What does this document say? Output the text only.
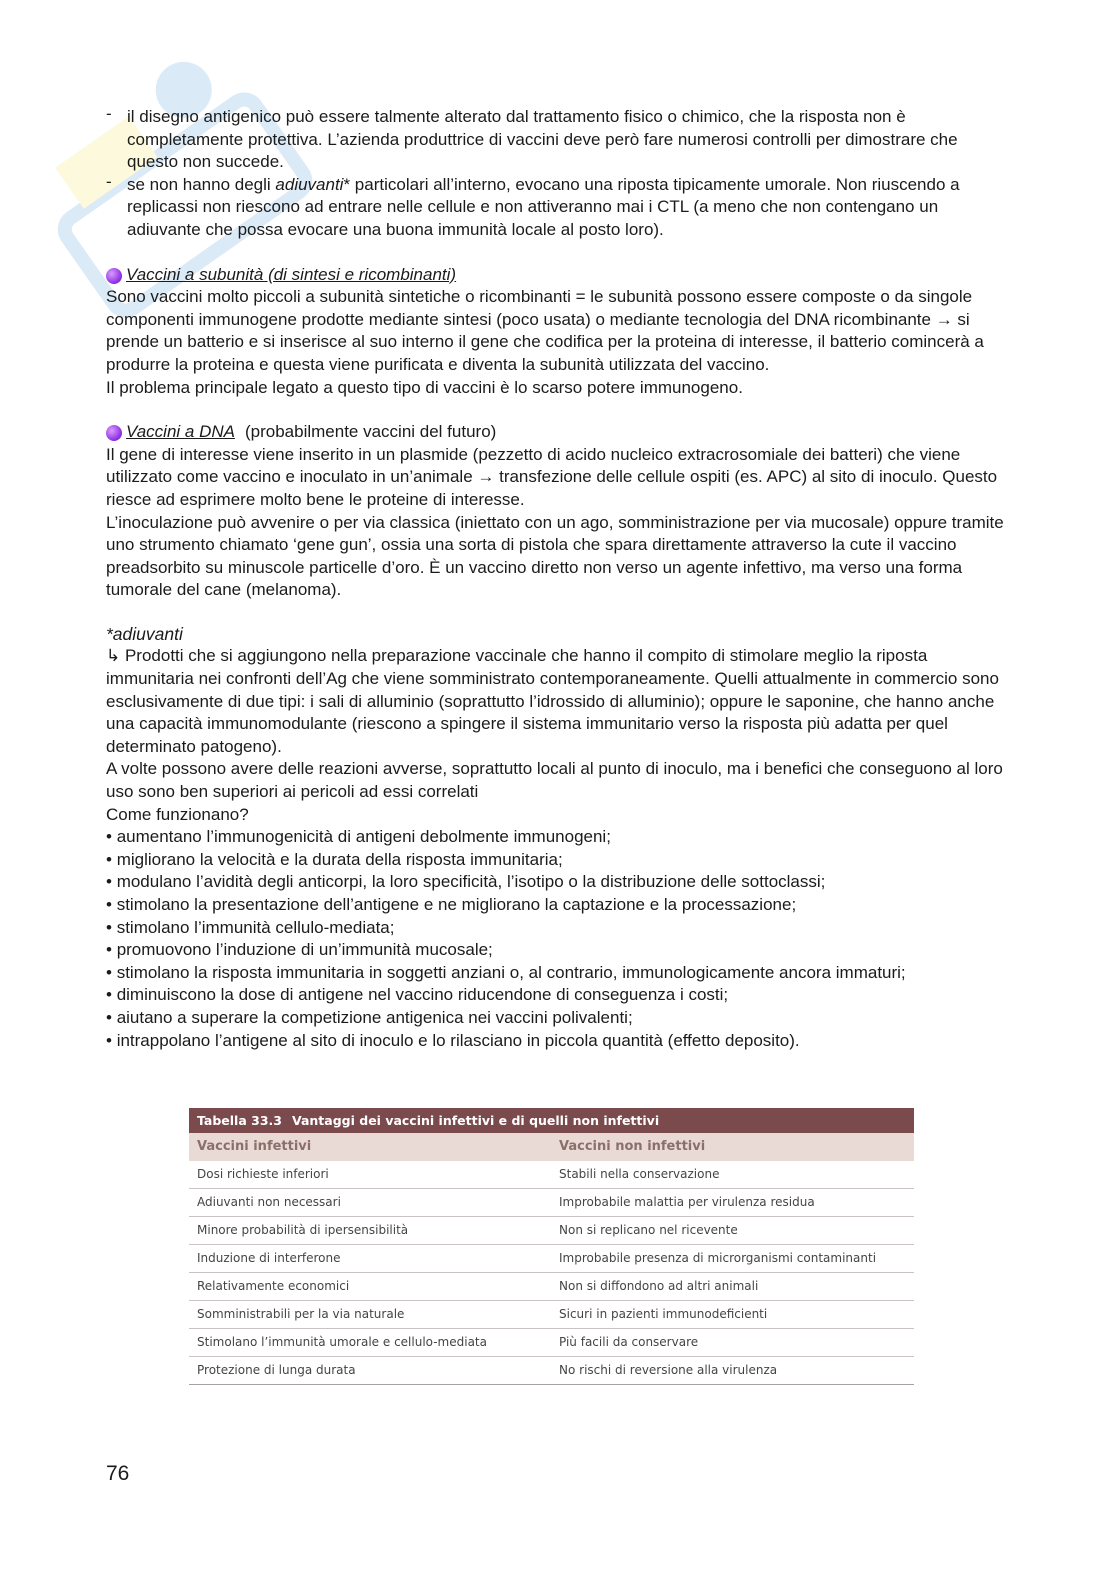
- il disegno antigenico può essere talmente alterato dal trattamento fisico o chimico, che la risposta non è completamente protettiva. L’azienda produttrice di vaccini deve però fare numerosi controlli per dimostrare che questo non succede.
- se non hanno degli adiuvanti* particolari all’interno, evocano una riposta tipicamente umorale. Non riuscendo a replicassi non riescono ad entrare nelle cellule e non attiveranno mai i CTL (a meno che non contengano un adiuvante che possa evocare una buona immunità locale al posto loro).
Vaccini a subunità (di sintesi e ricombinanti)

Sono vaccini molto piccoli a subunità sintetiche o ricombinanti = le subunità possono essere composte o da singole componenti immunogene prodotte mediante sintesi (poco usata) o mediante tecnologia del DNA ricombinante → si prende un batterio e si inserisce al suo interno il gene che codifica per la proteina di interesse, il batterio comincerà a produrre la proteina e questa viene purificata e diventa la subunità utilizzata del vaccino.

Il problema principale legato a questo tipo di vaccini è lo scarso potere immunogeno.

Vaccini a DNA (probabilmente vaccini del futuro)

Il gene di interesse viene inserito in un plasmide (pezzetto di acido nucleico extracrosomiale dei batteri) che viene utilizzato come vaccino e inoculato in un’animale → transfezione delle cellule ospiti (es. APC) al sito di inoculo. Questo riesce ad esprimere molto bene le proteine di interesse.

L’inoculazione può avvenire o per via classica (iniettato con un ago, somministrazione per via mucosale) oppure tramite uno strumento chiamato ‘gene gun’, ossia una sorta di pistola che spara direttamente attraverso la cute il vaccino preadsorbito su minuscole particelle d’oro. È un vaccino diretto non verso un agente infettivo, ma verso una forma tumorale del cane (melanoma).

*adiuvanti

↳ Prodotti che si aggiungono nella preparazione vaccinale che hanno il compito di stimolare meglio la riposta immunitaria nei confronti dell’Ag che viene somministrato contemporaneamente. Quelli attualmente in commercio sono esclusivamente di due tipi: i sali di alluminio (soprattutto l’idrossido di alluminio); oppure le saponine, che hanno anche una capacità immunomodulante (riescono a spingere il sistema immunitario verso la risposta più adatta per quel determinato patogeno).

A volte possono avere delle reazioni avverse, soprattutto locali al punto di inoculo, ma i benefici che conseguono al loro uso sono ben superiori ai pericoli ad essi correlati

Come funzionano?

• aumentano l’immunogenicità di antigeni debolmente immunogeni;
• migliorano la velocità e la durata della risposta immunitaria;
• modulano l’avidità degli anticorpi, la loro specificità, l’isotipo o la distribuzione delle sottoclassi;
• stimolano la presentazione dell’antigene e ne migliorano la captazione e la processazione;
• stimolano l’immunità cellulo-mediata;
• promuovono l’induzione di un’immunità mucosale;
• stimolano la risposta immunitaria in soggetti anziani o, al contrario, immunologicamente ancora immaturi;
• diminuiscono la dose di antigene nel vaccino riducendone di conseguenza i costi;
• aiutano a superare la competizione antigenica nei vaccini polivalenti;
• intrappolano l’antigene al sito di inoculo e lo rilasciano in piccola quantità (effetto deposito).
Tabella 33.3 Vantaggi dei vaccini infettivi e di quelli non infettivi
Vaccini infettivi	Vaccini non infettivi
Dosi richieste inferiori	Stabili nella conservazione
Adiuvanti non necessari	Improbabile malattia per virulenza residua
Minore probabilità di ipersensibilità	Non si replicano nel ricevente
Induzione di interferone	Improbabile presenza di microrganismi contaminanti
Relativamente economici	Non si diffondono ad altri animali
Somministrabili per la via naturale	Sicuri in pazienti immunodeficienti
Stimolano l’immunità umorale e cellulo-mediata	Più facili da conservare
Protezione di lunga durata	No rischi di reversione alla virulenza
76
